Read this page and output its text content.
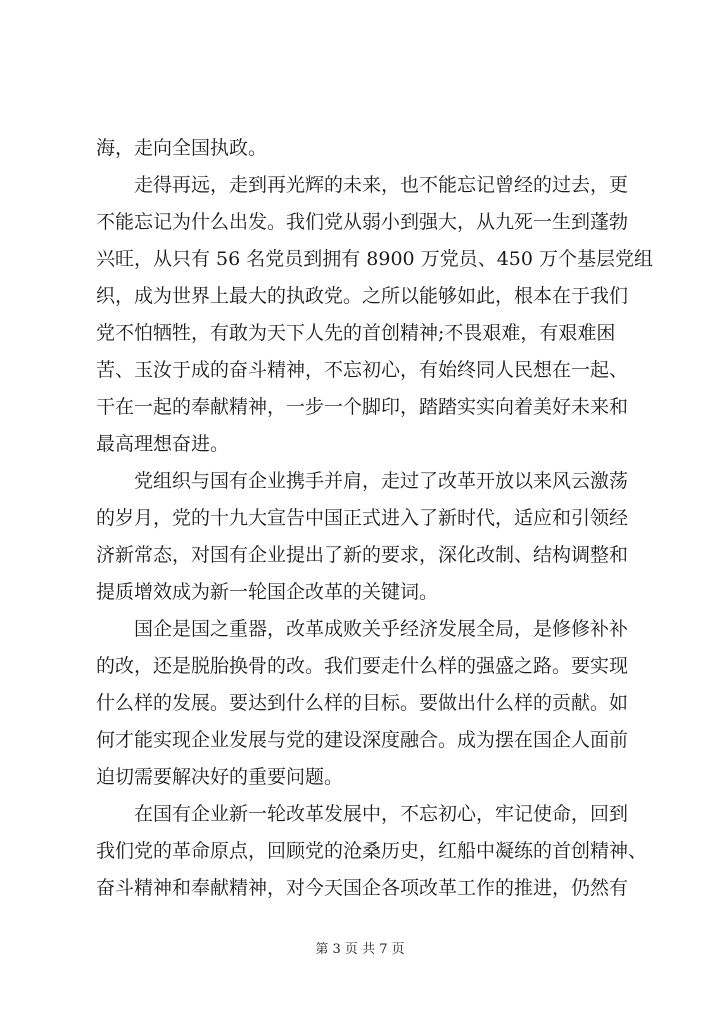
海，走向全国执政。
走得再远，走到再光辉的未来，也不能忘记曾经的过去，更
不能忘记为什么出发。我们党从弱小到强大，从九死一生到蓬勃
兴旺，从只有 56 名党员到拥有 8900 万党员、450 万个基层党组
织，成为世界上最大的执政党。之所以能够如此，根本在于我们
党不怕牺牲，有敢为天下人先的首创精神;不畏艰难，有艰难困
苦、玉汝于成的奋斗精神，不忘初心，有始终同人民想在一起、
干在一起的奉献精神，一步一个脚印，踏踏实实向着美好未来和
最高理想奋进。
党组织与国有企业携手并肩，走过了改革开放以来风云激荡
的岁月，党的十九大宣告中国正式进入了新时代，适应和引领经
济新常态，对国有企业提出了新的要求，深化改制、结构调整和
提质增效成为新一轮国企改革的关键词。
国企是国之重器，改革成败关乎经济发展全局，是修修补补
的改，还是脱胎换骨的改。我们要走什么样的强盛之路。要实现
什么样的发展。要达到什么样的目标。要做出什么样的贡献。如
何才能实现企业发展与党的建设深度融合。成为摆在国企人面前
迫切需要解决好的重要问题。
在国有企业新一轮改革发展中，不忘初心，牢记使命，回到
我们党的革命原点，回顾党的沧桑历史，红船中凝练的首创精神、
奋斗精神和奉献精神，对今天国企各项改革工作的推进，仍然有
第 3 页 共 7 页
